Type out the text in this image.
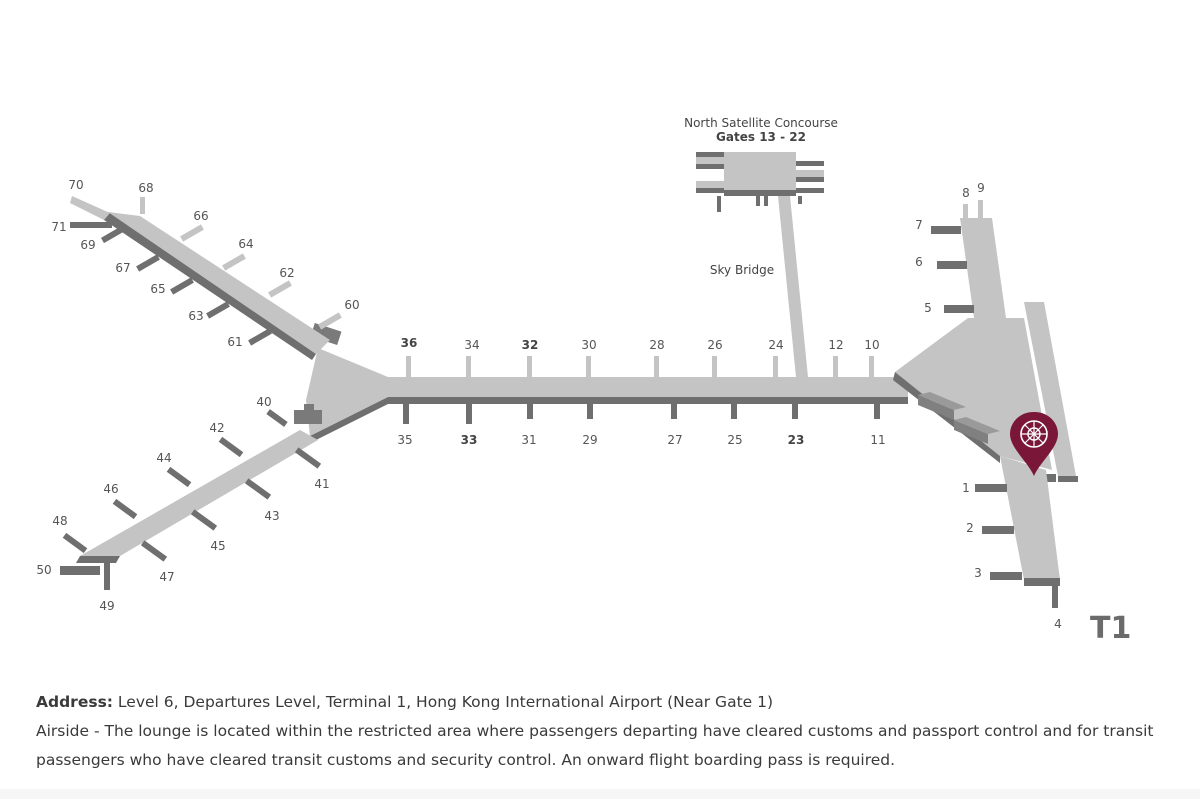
North Satellite Concourse
Gates 13 - 22
Sky Bridge
T1
36	34	32	30	28	26	24	12 10
35	33	31	29	27	25	23	11
70	68
71
69
66
67
64
65
62
63
60
61
40
42
41
44
43
46
45
48
47
50
49
8 9
7
6
5
1
2
3
4

Address: Level 6, Departures Level, Terminal 1, Hong Kong International Airport (Near Gate 1)

Airside - The lounge is located within the restricted area where passengers departing have cleared customs and passport control and for transit passengers who have cleared transit customs and security control. An onward flight boarding pass is required.
